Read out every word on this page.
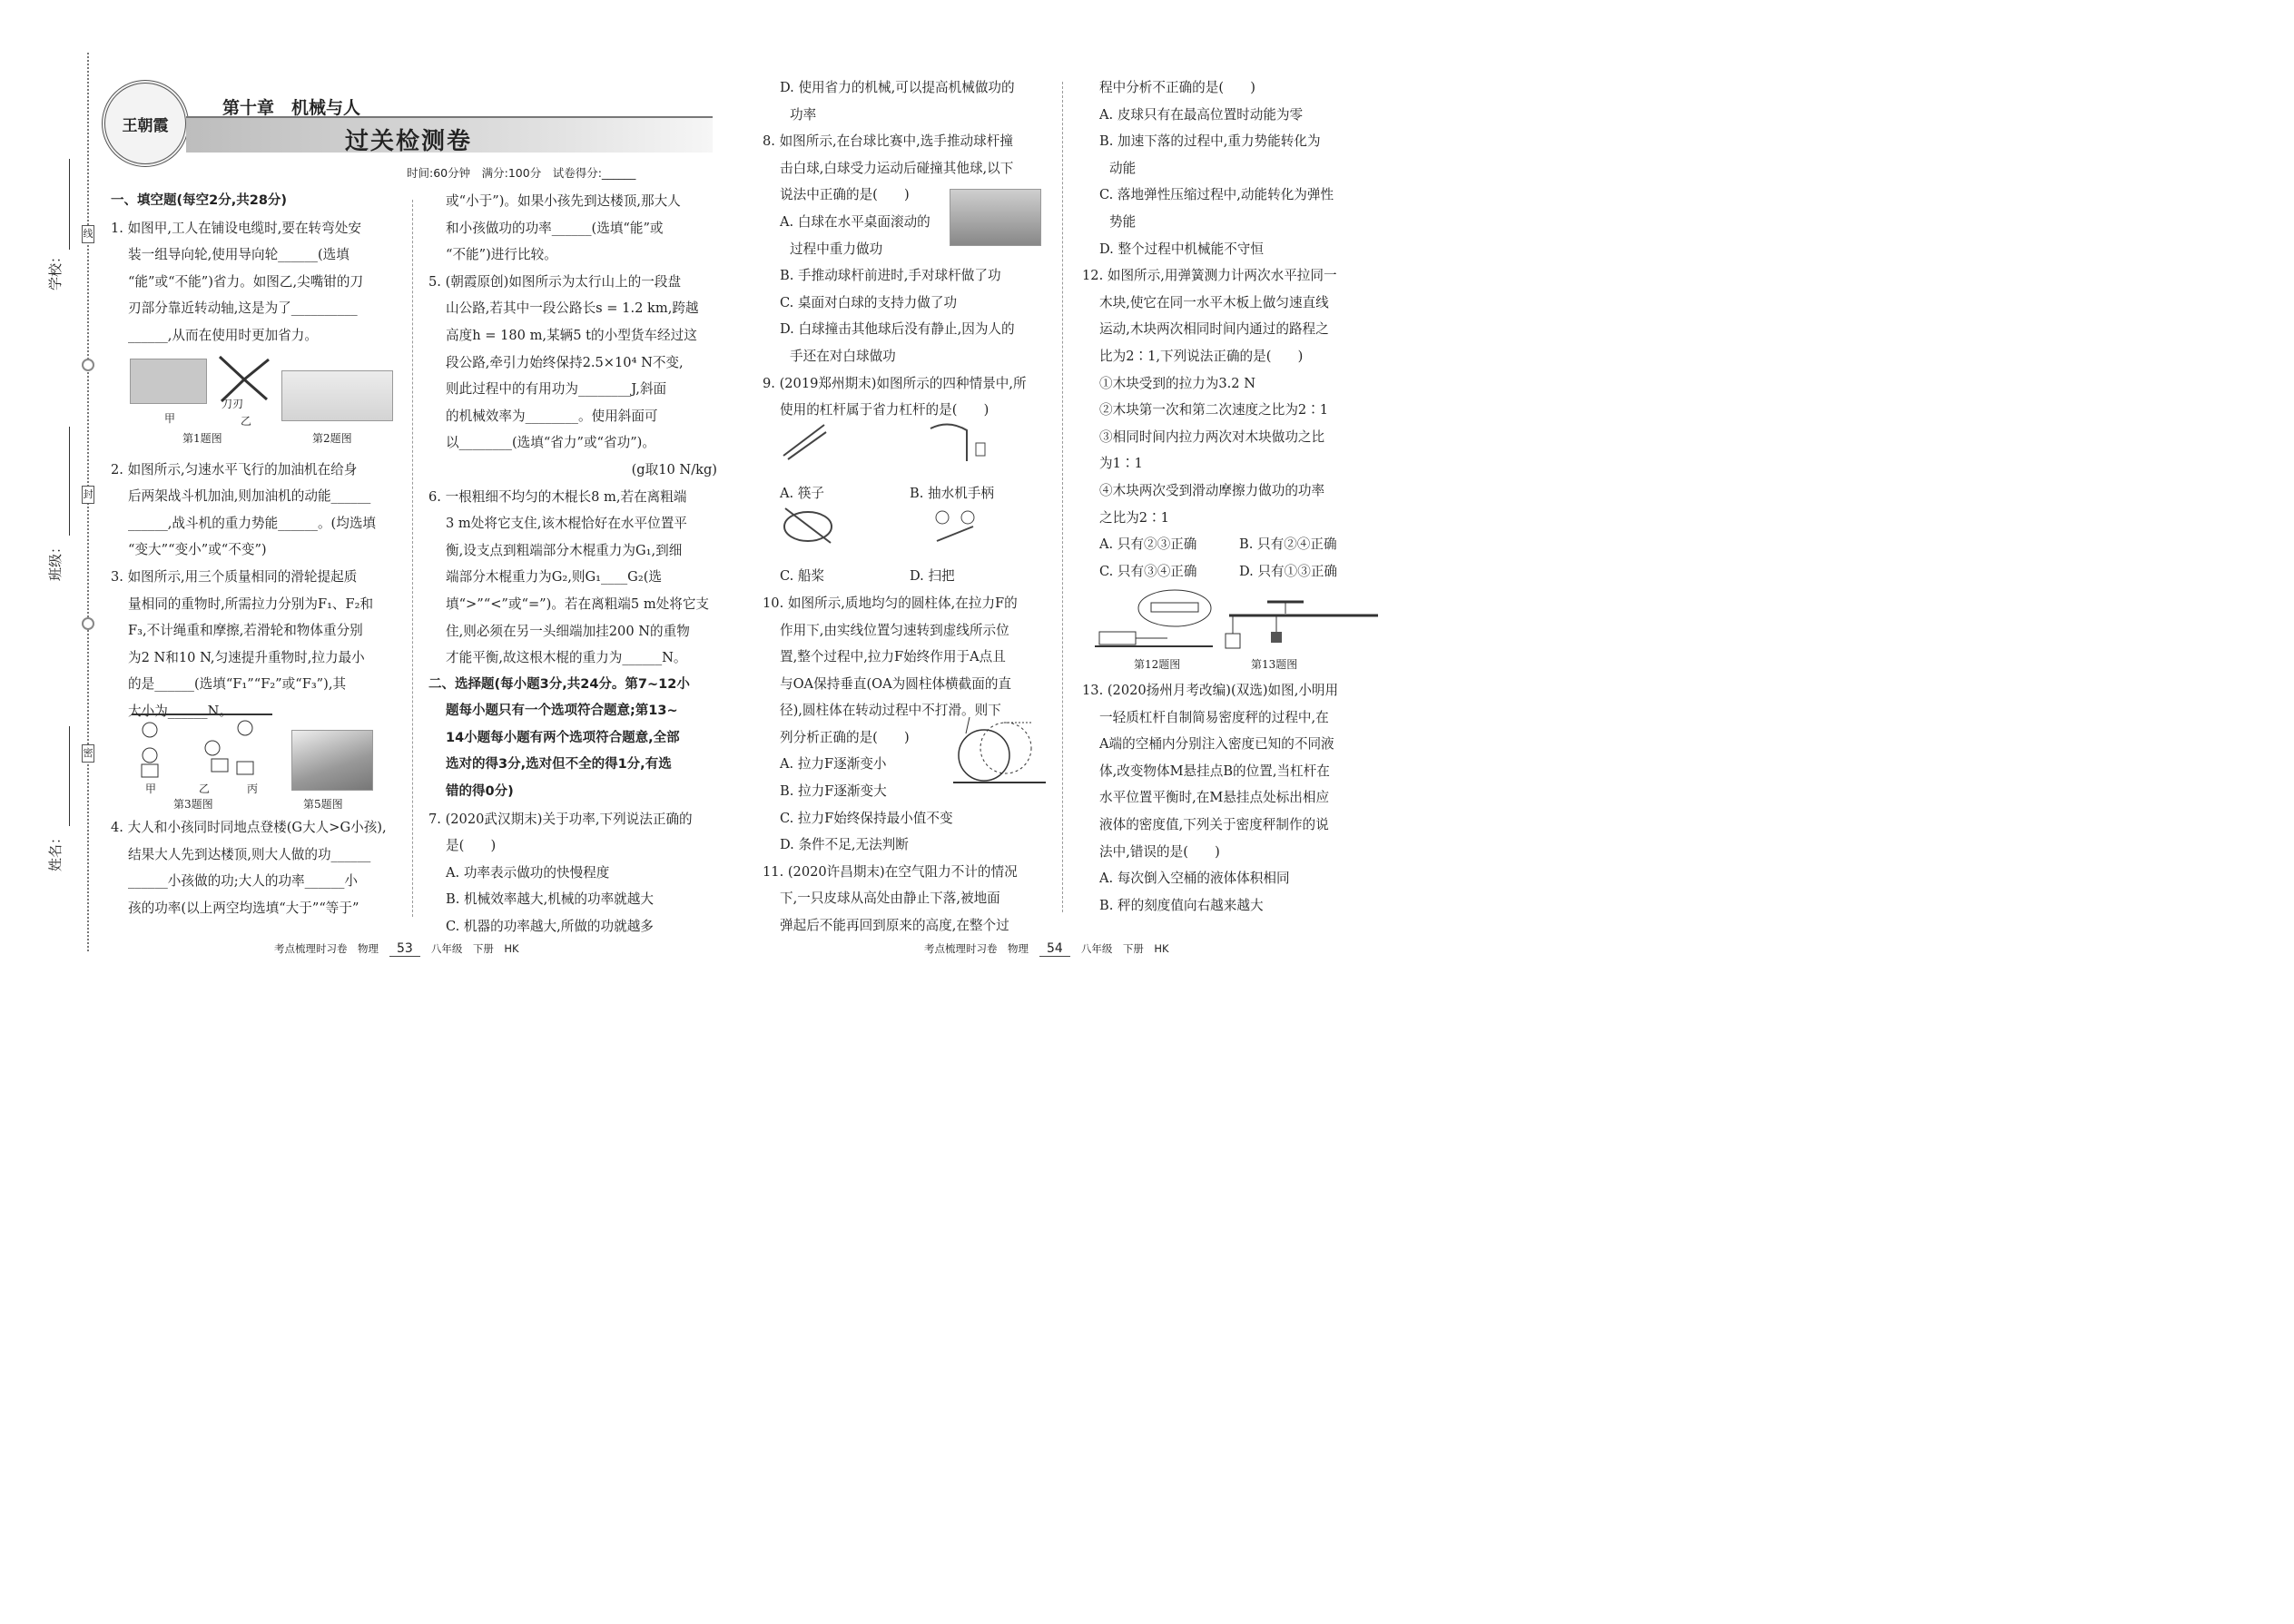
学校：
班级：
姓名：
线
封
密
王朝霞
第十章　机械与人
过关检测卷
时间:60分钟　满分:100分　试卷得分:______
一、填空题(每空2分,共28分)
1. 如图甲,工人在铺设电缆时,要在转弯处安
装一组导向轮,使用导向轮______(选填
“能”或“不能”)省力。如图乙,尖嘴钳的刀
刃部分靠近转动轴,这是为了__________
______,从而在使用时更加省力。
2. 如图所示,匀速水平飞行的加油机在给身
后两架战斗机加油,则加油机的动能______
______,战斗机的重力势能______。(均选填
“变大”“变小”或“不变”)
3. 如图所示,用三个质量相同的滑轮提起质
量相同的重物时,所需拉力分别为F₁、F₂和
F₃,不计绳重和摩擦,若滑轮和物体重分别
为2 N和10 N,匀速提升重物时,拉力最小
的是______(选填“F₁”“F₂”或“F₃”),其
大小为______N。
4. 大人和小孩同时同地点登楼(G大人>G小孩),
结果大人先到达楼顶,则大人做的功______
______小孩做的功;大人的功率______小
孩的功率(以上两空均选填“大于”“等于”
刀刃
甲	乙
第1题图	第2题图
甲	乙	丙
第3题图	第5题图
或“小于”)。如果小孩先到达楼顶,那大人
和小孩做功的功率______(选填“能”或
“不能”)进行比较。
5. (朝霞原创)如图所示为太行山上的一段盘
山公路,若其中一段公路长s = 1.2 km,跨越
高度h = 180 m,某辆5 t的小型货车经过这
段公路,牵引力始终保持2.5×10⁴ N不变,
则此过程中的有用功为________J,斜面
的机械效率为________。使用斜面可
以________(选填“省力”或“省功”)。
(g取10 N/kg)
6. 一根粗细不均匀的木棍长8 m,若在离粗端
3 m处将它支住,该木棍恰好在水平位置平
衡,设支点到粗端部分木棍重力为G₁,到细
端部分木棍重力为G₂,则G₁____G₂(选
填“>”“<”或“=”)。若在离粗端5 m处将它支
住,则必须在另一头细端加挂200 N的重物
才能平衡,故这根木棍的重力为______N。
二、选择题(每小题3分,共24分。第7~12小
题每小题只有一个选项符合题意;第13~
14小题每小题有两个选项符合题意,全部
选对的得3分,选对但不全的得1分,有选
错的得0分)
7. (2020武汉期末)关于功率,下列说法正确的
是(　　)
A. 功率表示做功的快慢程度
B. 机械效率越大,机械的功率就越大
C. 机器的功率越大,所做的功就越多
D. 使用省力的机械,可以提高机械做功的
功率
8. 如图所示,在台球比赛中,选手推动球杆撞
击白球,白球受力运动后碰撞其他球,以下
说法中正确的是(　　)
A. 白球在水平桌面滚动的
过程中重力做功
B. 手推动球杆前进时,手对球杆做了功
C. 桌面对白球的支持力做了功
D. 白球撞击其他球后没有静止,因为人的
手还在对白球做功
9. (2019郑州期末)如图所示的四种情景中,所
使用的杠杆属于省力杠杆的是(　　)
A. 筷子	B. 抽水机手柄
C. 船桨	D. 扫把
10. 如图所示,质地均匀的圆柱体,在拉力F的
作用下,由实线位置匀速转到虚线所示位
置,整个过程中,拉力F始终作用于A点且
与OA保持垂直(OA为圆柱体横截面的直
径),圆柱体在转动过程中不打滑。则下
列分析正确的是(　　)
A. 拉力F逐渐变小
B. 拉力F逐渐变大
C. 拉力F始终保持最小值不变
D. 条件不足,无法判断
11. (2020许昌期末)在空气阻力不计的情况
下,一只皮球从高处由静止下落,被地面
弹起后不能再回到原来的高度,在整个过
程中分析不正确的是(　　)
A. 皮球只有在最高位置时动能为零
B. 加速下落的过程中,重力势能转化为
动能
C. 落地弹性压缩过程中,动能转化为弹性
势能
D. 整个过程中机械能不守恒
12. 如图所示,用弹簧测力计两次水平拉同一
木块,使它在同一水平木板上做匀速直线
运动,木块两次相同时间内通过的路程之
比为2∶1,下列说法正确的是(　　)
①木块受到的拉力为3.2 N
②木块第一次和第二次速度之比为2∶1
③相同时间内拉力两次对木块做功之比
为1∶1
④木块两次受到滑动摩擦力做功的功率
之比为2∶1
A. 只有②③正确	B. 只有②④正确
C. 只有③④正确	D. 只有①③正确
第12题图	第13题图
13. (2020扬州月考改编)(双选)如图,小明用
一轻质杠杆自制简易密度秤的过程中,在
A端的空桶内分别注入密度已知的不同液
体,改变物体M悬挂点B的位置,当杠杆在
水平位置平衡时,在M悬挂点处标出相应
液体的密度值,下列关于密度秤制作的说
法中,错误的是(　　)
A. 每次倒入空桶的液体体积相同
B. 秤的刻度值向右越来越大
考点梳理时习卷　物理 53 八年级　下册　HK	考点梳理时习卷　物理 54 八年级　下册　HK
